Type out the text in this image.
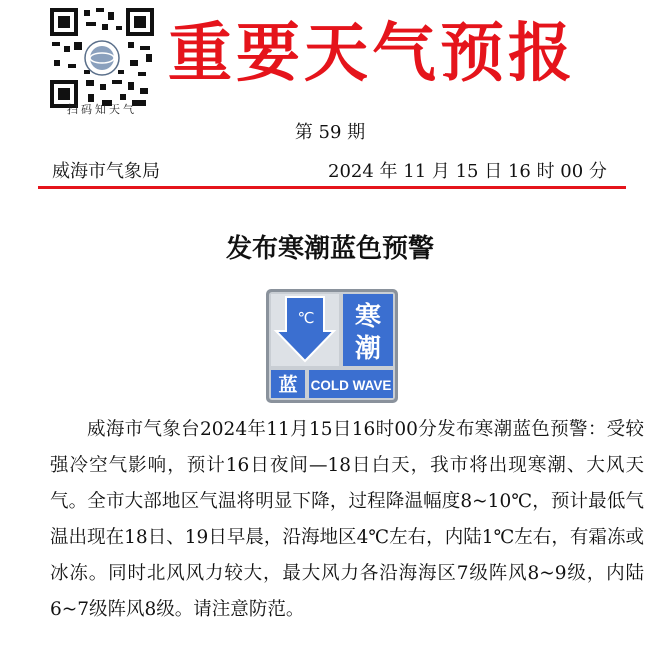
扫码知天气
重要天气预报
第 59 期
威海市气象局	2024 年 11 月 15 日 16 时 00 分
发布寒潮蓝色预警
℃ 寒
潮
蓝 COLD WAVE

威海市气象台2024年11月15日16时00分发布寒潮蓝色预警：受较强冷空气影响，预计16日夜间—18日白天，我市将出现寒潮、大风天气。全市大部地区气温将明显下降，过程降温幅度8~10℃，预计最低气温出现在18日、19日早晨，沿海地区4℃左右，内陆1℃左右，有霜冻或冰冻。同时北风风力较大，最大风力各沿海海区7级阵风8~9级，内陆6~7级阵风8级。请注意防范。
